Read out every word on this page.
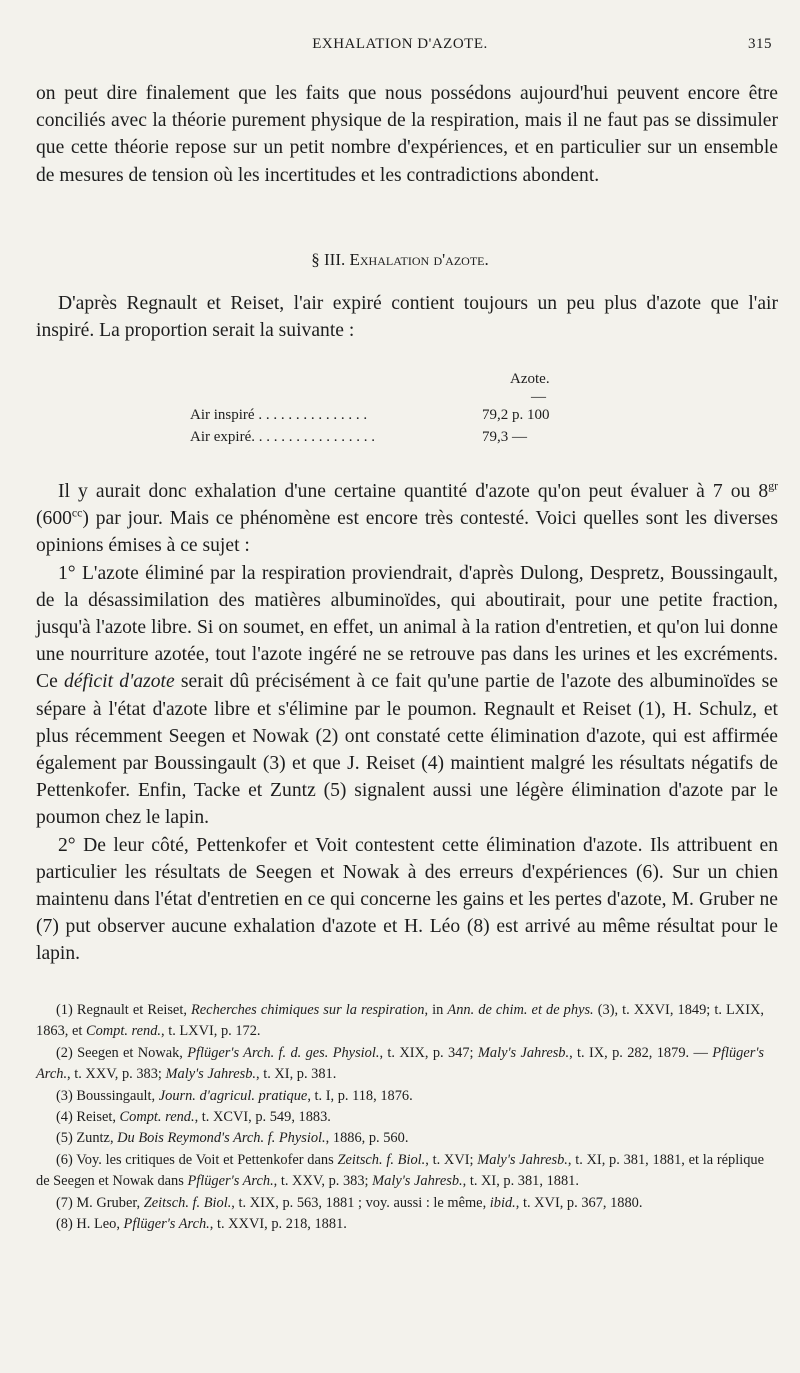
EXHALATION D'AZOTE.	315

on peut dire finalement que les faits que nous possédons aujourd'hui peuvent encore être conciliés avec la théorie purement physique de la respiration, mais il ne faut pas se dissimuler que cette théorie repose sur un petit nombre d'expériences, et en particulier sur un ensemble de mesures de tension où les incertitudes et les contradictions abondent.

§ III. Exhalation d'azote.

D'après Regnault et Reiset, l'air expiré contient toujours un peu plus d'azote que l'air inspiré. La proportion serait la suivante :

Azote.
—
Air inspiré . . . . . . . . . . . . . . .	79,2 p. 100
Air expiré. . . . . . . . . . . . . . . . .	79,3 —

Il y aurait donc exhalation d'une certaine quantité d'azote qu'on peut évaluer à 7 ou $8^{gr}$ $(600^{cc})$ par jour. Mais ce phénomène est encore très contesté. Voici quelles sont les diverses opinions émises à ce sujet :

1° L'azote éliminé par la respiration proviendrait, d'après Dulong, Despretz, Boussingault, de la désassimilation des matières albuminoïdes, qui aboutirait, pour une petite fraction, jusqu'à l'azote libre. Si on soumet, en effet, un animal à la ration d'entretien, et qu'on lui donne une nourriture azotée, tout l'azote ingéré ne se retrouve pas dans les urines et les excréments. Ce déficit d'azote serait dû précisément à ce fait qu'une partie de l'azote des albuminoïdes se sépare à l'état d'azote libre et s'élimine par le poumon. Regnault et Reiset (1), H. Schulz, et plus récemment Seegen et Nowak (2) ont constaté cette élimination d'azote, qui est affirmée également par Boussingault (3) et que J. Reiset (4) maintient malgré les résultats négatifs de Pettenkofer. Enfin, Tacke et Zuntz (5) signalent aussi une légère élimination d'azote par le poumon chez le lapin.

2° De leur côté, Pettenkofer et Voit contestent cette élimination d'azote. Ils attribuent en particulier les résultats de Seegen et Nowak à des erreurs d'expériences (6). Sur un chien maintenu dans l'état d'entretien en ce qui concerne les gains et les pertes d'azote, M. Gruber ne (7) put observer aucune exhalation d'azote et H. Léo (8) est arrivé au même résultat pour le lapin.

(1) Regnault et Reiset, Recherches chimiques sur la respiration, in Ann. de chim. et de phys. (3), t. XXVI, 1849; t. LXIX, 1863, et Compt. rend., t. LXVI, p. 172.

(2) Seegen et Nowak, Pflüger's Arch. f. d. ges. Physiol., t. XIX, p. 347; Maly's Jahresb., t. IX, p. 282, 1879. — Pflüger's Arch., t. XXV, p. 383; Maly's Jahresb., t. XI, p. 381.

(3) Boussingault, Journ. d'agricul. pratique, t. I, p. 118, 1876.

(4) Reiset, Compt. rend., t. XCVI, p. 549, 1883.

(5) Zuntz, Du Bois Reymond's Arch. f. Physiol., 1886, p. 560.

(6) Voy. les critiques de Voit et Pettenkofer dans Zeitsch. f. Biol., t. XVI; Maly's Jahresb., t. XI, p. 381, 1881, et la réplique de Seegen et Nowak dans Pflüger's Arch., t. XXV, p. 383; Maly's Jahresb., t. XI, p. 381, 1881.

(7) M. Gruber, Zeitsch. f. Biol., t. XIX, p. 563, 1881 ; voy. aussi : le même, ibid., t. XVI, p. 367, 1880.

(8) H. Leo, Pflüger's Arch., t. XXVI, p. 218, 1881.
